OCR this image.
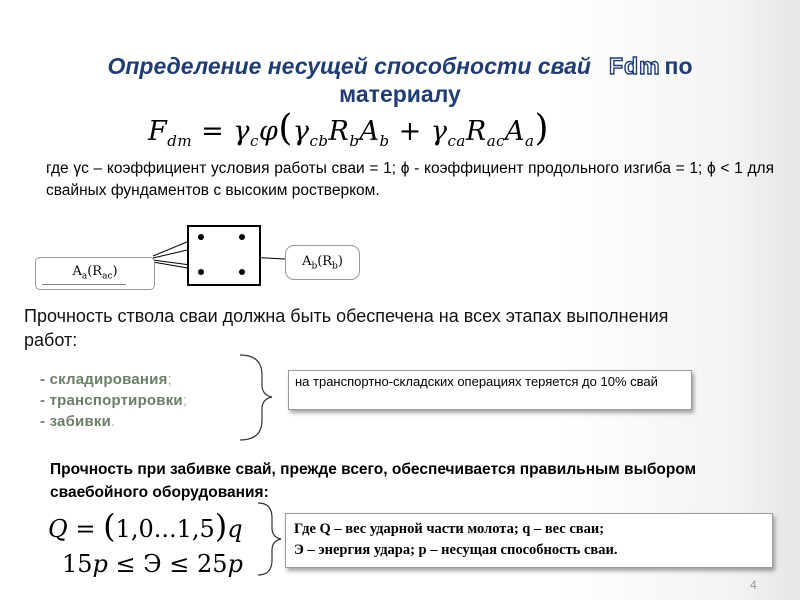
Определение несущей способности свай Fdm по
материалу
$F_{dm} = \gamma_c\varphi(\gamma_{cb}R_bA_b + \gamma_{ca}R_{ac}A_a)$
где γс – коэффициент условия работы сваи = 1; ϕ - коэффициент продольного изгиба = 1; ϕ < 1 для свайных фундаментов с высоким ростверком.
$A_a(R_{ac})$
$A_b(R_b)$
Прочность ствола сваи должна быть обеспечена на всех этапах выполнения работ:
- складирования;
- транспортировки;
- забивки.
на транспортно-складских операциях теряется до 10% свай
Прочность при забивке свай, прежде всего, обеспечивается правильным выбором сваебойного оборудования:
Q = (1,0...1,5)q
15p ≤ Э ≤ 25p
Где Q – вес ударной части молота; q – вес сваи;
Э – энергия удара; p – несущая способность сваи.
4
